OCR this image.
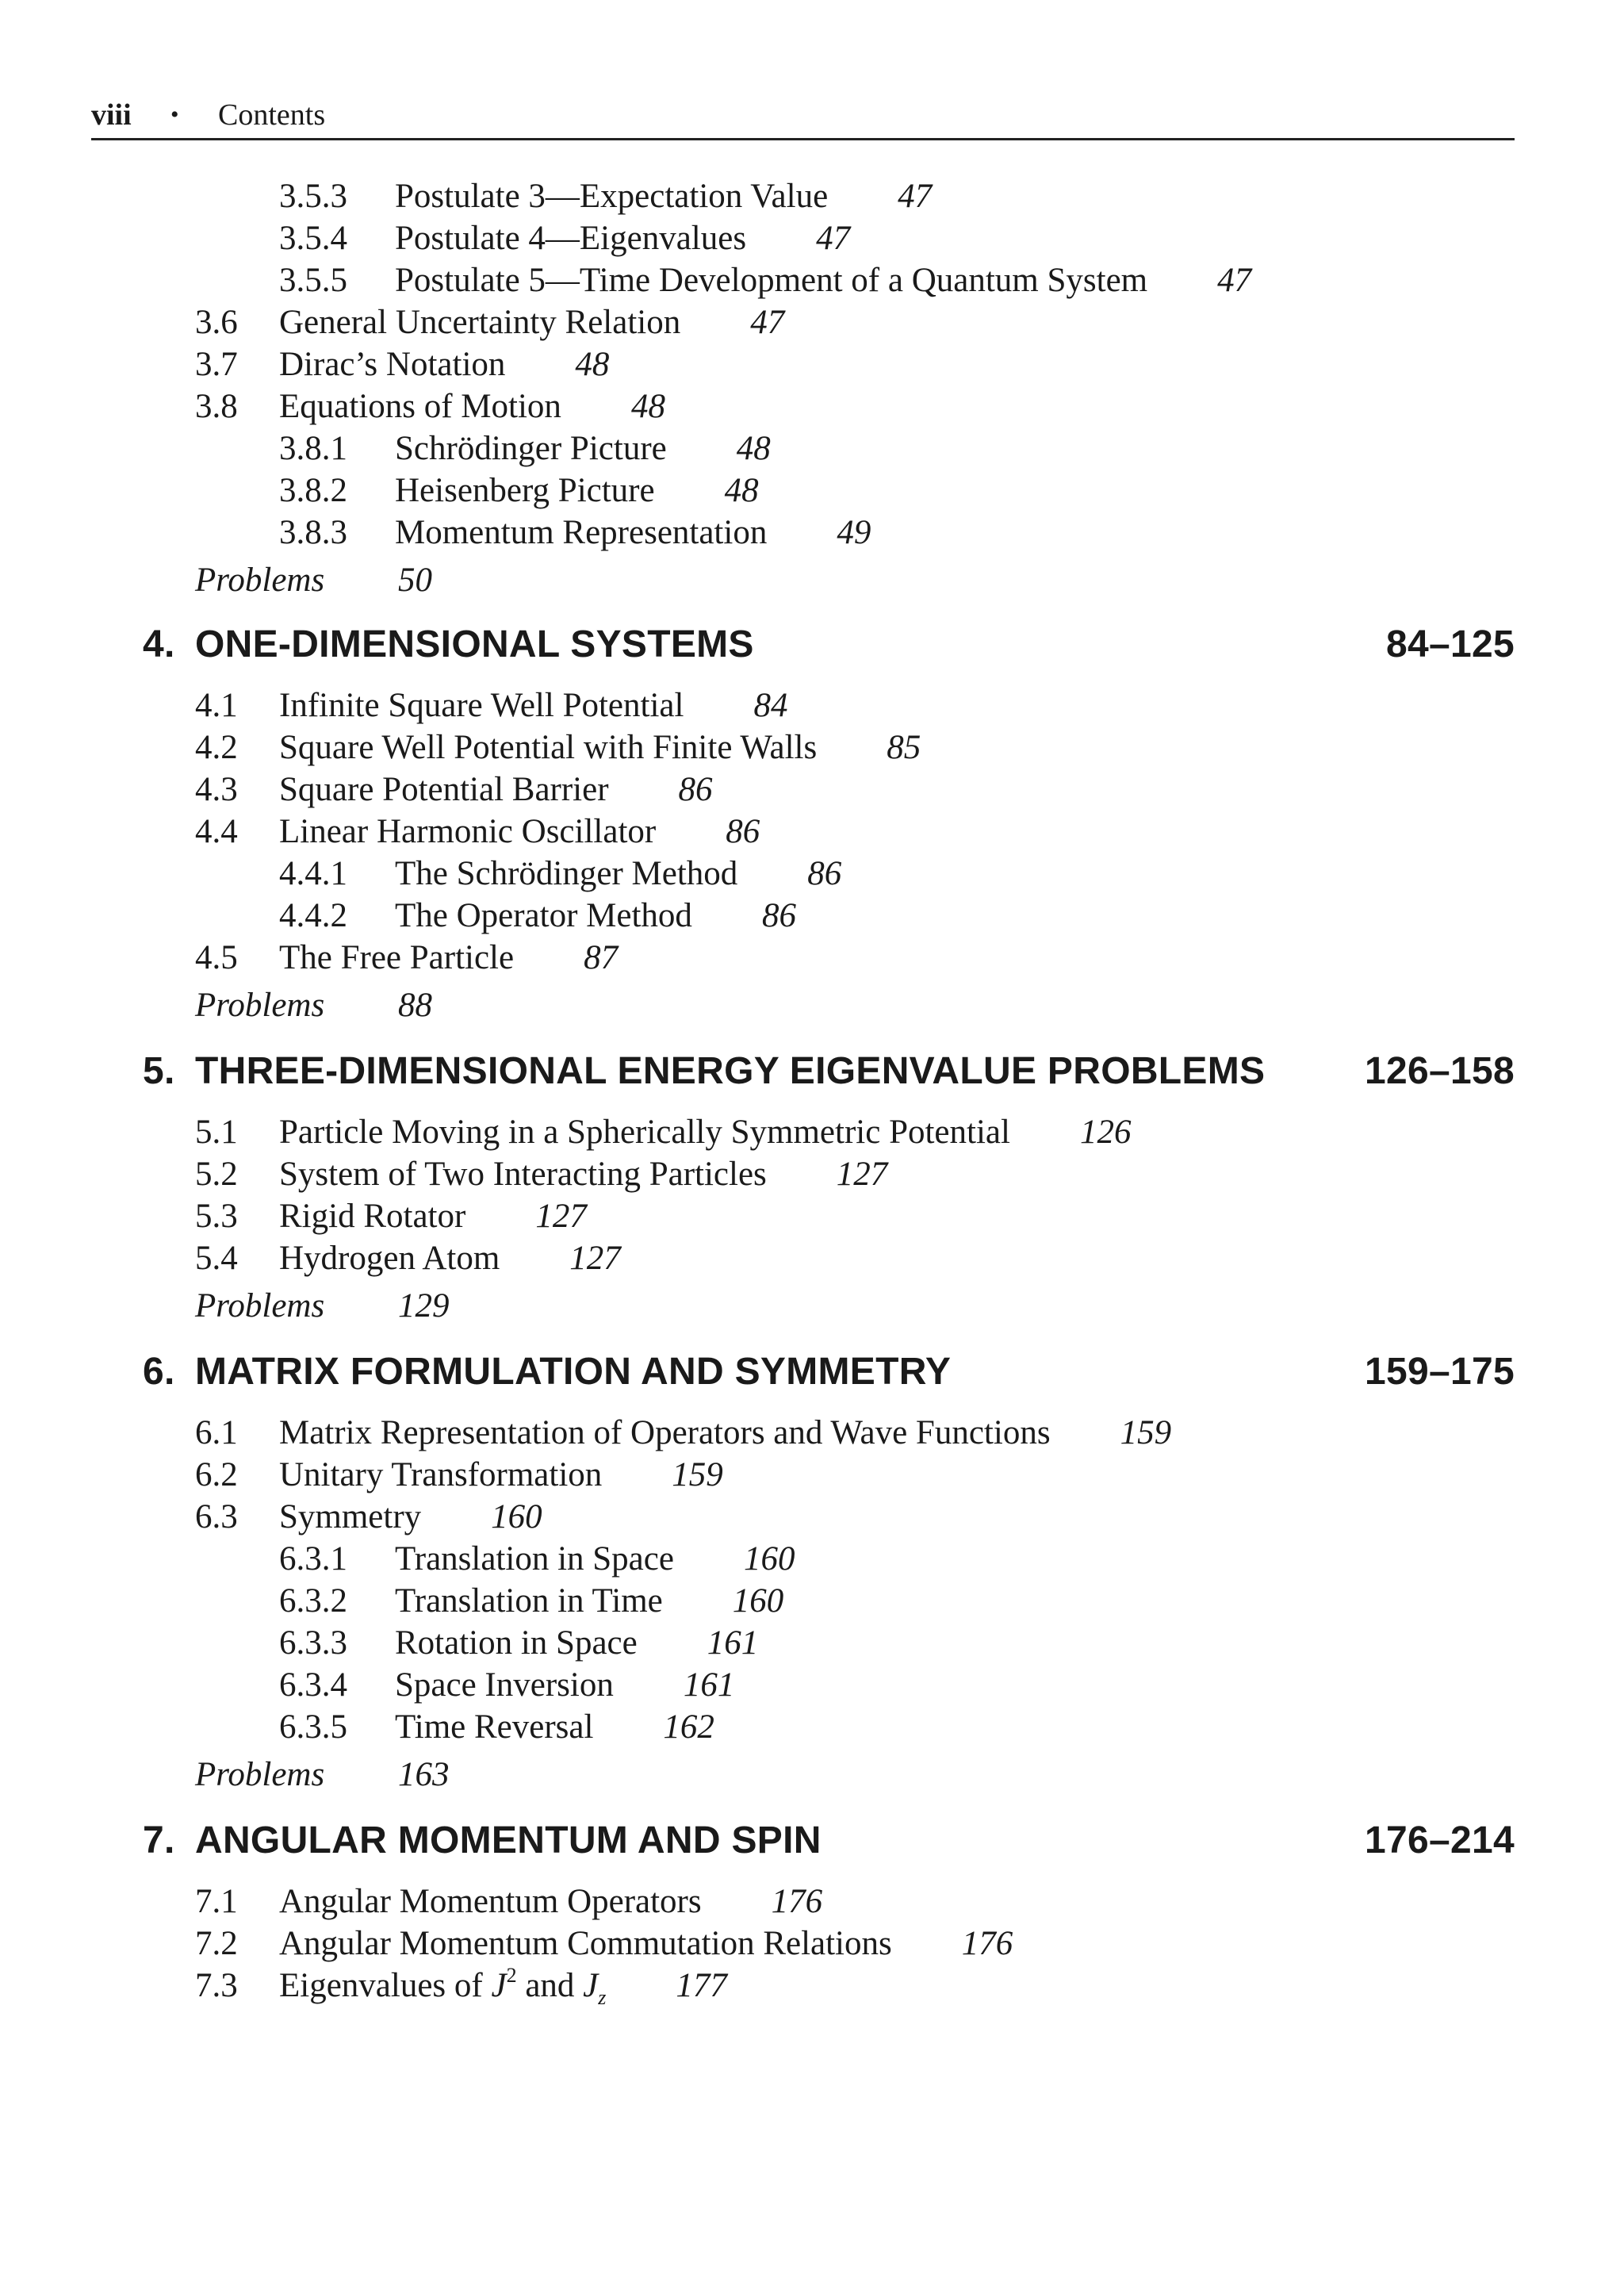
viii • Contents
3.5.3 Postulate 3—Expectation Value 47
3.5.4 Postulate 4—Eigenvalues 47
3.5.5 Postulate 5—Time Development of a Quantum System 47
3.6 General Uncertainty Relation 47
3.7 Dirac’s Notation 48
3.8 Equations of Motion 48
3.8.1 Schrödinger Picture 48
3.8.2 Heisenberg Picture 48
3.8.3 Momentum Representation 49
Problems 50
4. ONE-DIMENSIONAL SYSTEMS	84–125
4.1 Infinite Square Well Potential 84
4.2 Square Well Potential with Finite Walls 85
4.3 Square Potential Barrier 86
4.4 Linear Harmonic Oscillator 86
4.4.1 The Schrödinger Method 86
4.4.2 The Operator Method 86
4.5 The Free Particle 87
Problems 88
5. THREE-DIMENSIONAL ENERGY EIGENVALUE PROBLEMS	126–158
5.1 Particle Moving in a Spherically Symmetric Potential 126
5.2 System of Two Interacting Particles 127
5.3 Rigid Rotator 127
5.4 Hydrogen Atom 127
Problems 129
6. MATRIX FORMULATION AND SYMMETRY	159–175
6.1 Matrix Representation of Operators and Wave Functions 159
6.2 Unitary Transformation 159
6.3 Symmetry 160
6.3.1 Translation in Space 160
6.3.2 Translation in Time 160
6.3.3 Rotation in Space 161
6.3.4 Space Inversion 161
6.3.5 Time Reversal 162
Problems 163
7. ANGULAR MOMENTUM AND SPIN	176–214
7.1 Angular Momentum Operators 176
7.2 Angular Momentum Commutation Relations 176
7.3 Eigenvalues of $J^2$ and $J_z$ 177
